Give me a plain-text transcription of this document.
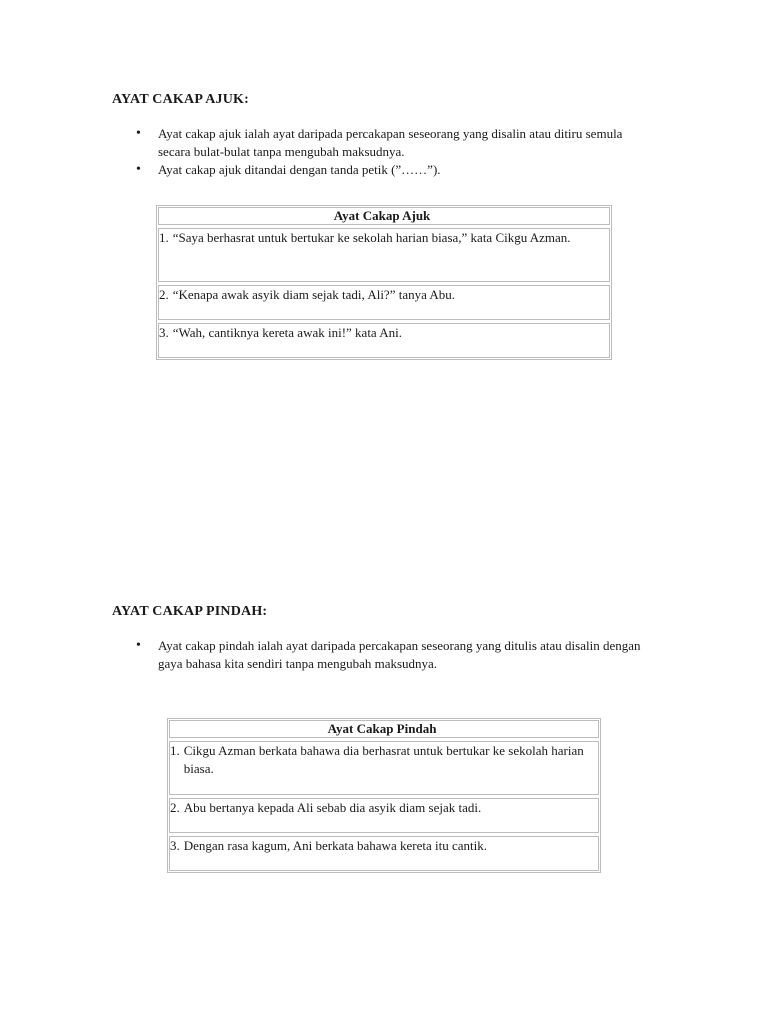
AYAT CAKAP AJUK:
• Ayat cakap ajuk ialah ayat daripada percakapan seseorang yang disalin atau ditiru semula secara bulat-bulat tanpa mengubah maksudnya.
• Ayat cakap ajuk ditandai dengan tanda petik (”……”).
Ayat Cakap Ajuk
1. “Saya berhasrat untuk bertukar ke sekolah harian biasa,” kata Cikgu Azman.
2. “Kenapa awak asyik diam sejak tadi, Ali?” tanya Abu.
3. “Wah, cantiknya kereta awak ini!” kata Ani.
AYAT CAKAP PINDAH:
• Ayat cakap pindah ialah ayat daripada percakapan seseorang yang ditulis atau disalin dengan gaya bahasa kita sendiri tanpa mengubah maksudnya.
Ayat Cakap Pindah
1. Cikgu Azman berkata bahawa dia berhasrat untuk bertukar ke sekolah harian biasa.
2. Abu bertanya kepada Ali sebab dia asyik diam sejak tadi.
3. Dengan rasa kagum, Ani berkata bahawa kereta itu cantik.
